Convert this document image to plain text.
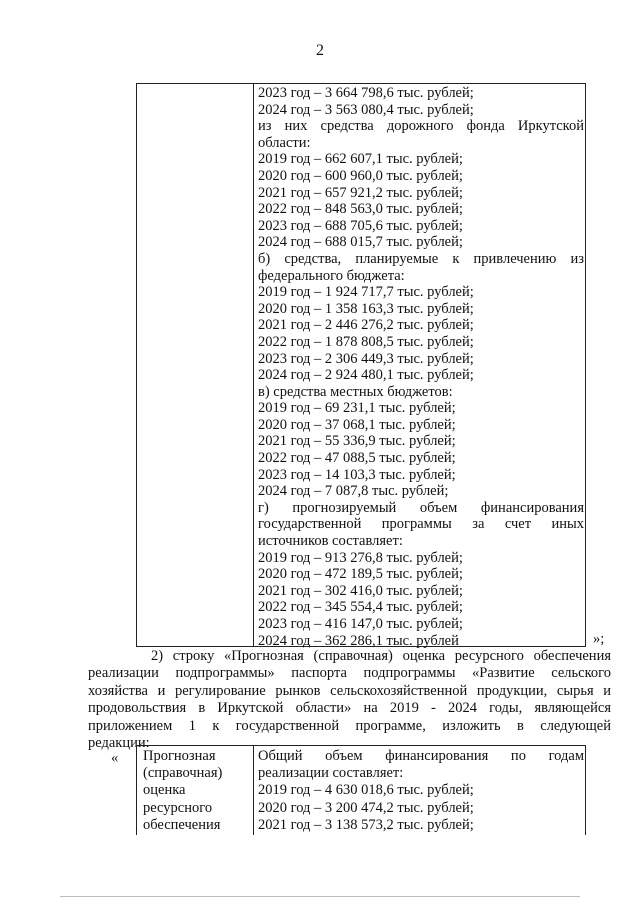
2
2023 год – 3 664 798,6 тыс. рублей;
2024 год – 3 563 080,4 тыс. рублей;
из них средства дорожного фонда Иркутской
области:
2019 год – 662 607,1 тыс. рублей;
2020 год – 600 960,0 тыс. рублей;
2021 год – 657 921,2 тыс. рублей;
2022 год – 848 563,0 тыс. рублей;
2023 год – 688 705,6 тыс. рублей;
2024 год – 688 015,7 тыс. рублей;
б) средства, планируемые к привлечению из
федерального бюджета:
2019 год – 1 924 717,7 тыс. рублей;
2020 год – 1 358 163,3 тыс. рублей;
2021 год – 2 446 276,2 тыс. рублей;
2022 год – 1 878 808,5 тыс. рублей;
2023 год – 2 306 449,3 тыс. рублей;
2024 год – 2 924 480,1 тыс. рублей;
в) средства местных бюджетов:
2019 год – 69 231,1 тыс. рублей;
2020 год – 37 068,1 тыс. рублей;
2021 год – 55 336,9 тыс. рублей;
2022 год – 47 088,5 тыс. рублей;
2023 год – 14 103,3 тыс. рублей;
2024 год – 7 087,8 тыс. рублей;
г) прогнозируемый объем финансирования
государственной программы за счет иных
источников составляет:
2019 год – 913 276,8 тыс. рублей;
2020 год – 472 189,5 тыс. рублей;
2021 год – 302 416,0 тыс. рублей;
2022 год – 345 554,4 тыс. рублей;
2023 год – 416 147,0 тыс. рублей;
2024 год – 362 286,1 тыс. рублей	»;
2) строку «Прогнозная (справочная) оценка ресурсного обеспечения
реализации подпрограммы» паспорта подпрограммы «Развитие сельского
хозяйства и регулирование рынков сельскохозяйственной продукции, сырья и
продовольствия в Иркутской области» на 2019 - 2024 годы, являющейся
приложением 1 к государственной программе, изложить в следующей
редакции:
« Прогнозная
(справочная)
оценка
ресурсного
обеспечения
Общий объем финансирования по годам
реализации составляет:
2019 год – 4 630 018,6 тыс. рублей;
2020 год – 3 200 474,2 тыс. рублей;
2021 год – 3 138 573,2 тыс. рублей;
